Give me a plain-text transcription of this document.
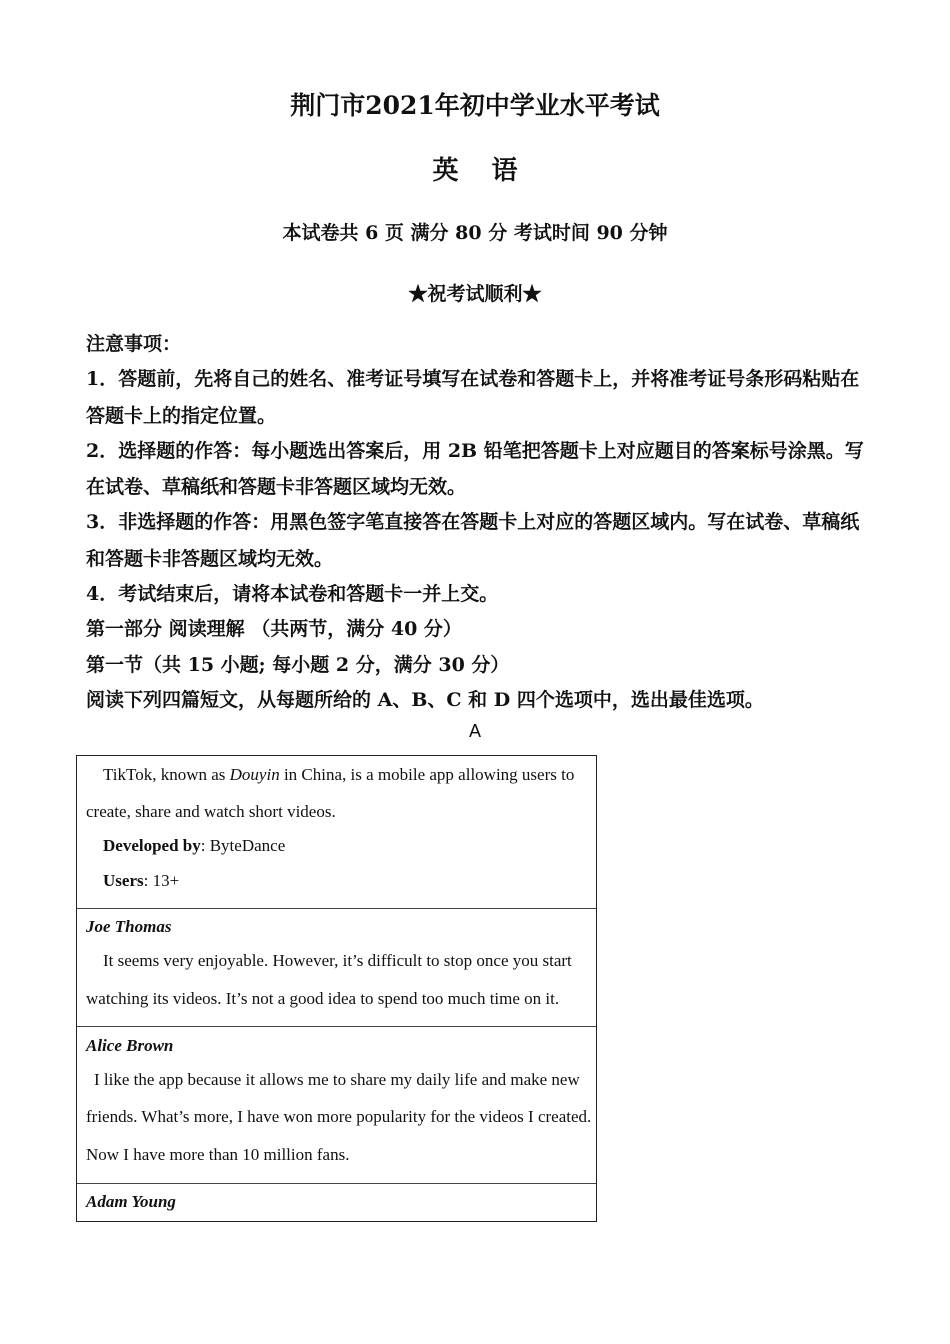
荆门市2021年初中学业水平考试
英 语
本试卷共 6 页 满分 80 分 考试时间 90 分钟
★祝考试顺利★
注意事项：
1．答题前，先将自己的姓名、准考证号填写在试卷和答题卡上，并将准考证号条形码粘贴在
答题卡上的指定位置。
2．选择题的作答：每小题选出答案后，用 2B 铅笔把答题卡上对应题目的答案标号涂黑。写
在试卷、草稿纸和答题卡非答题区域均无效。
3．非选择题的作答：用黑色签字笔直接答在答题卡上对应的答题区域内。写在试卷、草稿纸
和答题卡非答题区域均无效。
4．考试结束后，请将本试卷和答题卡一并上交。
第一部分 阅读理解 （共两节，满分 40 分）
第一节（共 15 小题; 每小题 2 分，满分 30 分）
阅读下列四篇短文，从每题所给的 A、B、C 和 D 四个选项中，选出最佳选项。
A
TikTok, known as Douyin in China, is a mobile app allowing users to
create, share and watch short videos.
Developed by: ByteDance
Users: 13+
Joe Thomas
It seems very enjoyable. However, it’s difficult to stop once you start
watching its videos. It’s not a good idea to spend too much time on it.
Alice Brown
I like the app because it allows me to share my daily life and make new
friends. What’s more, I have won more popularity for the videos I created.
Now I have more than 10 million fans.
Adam Young
